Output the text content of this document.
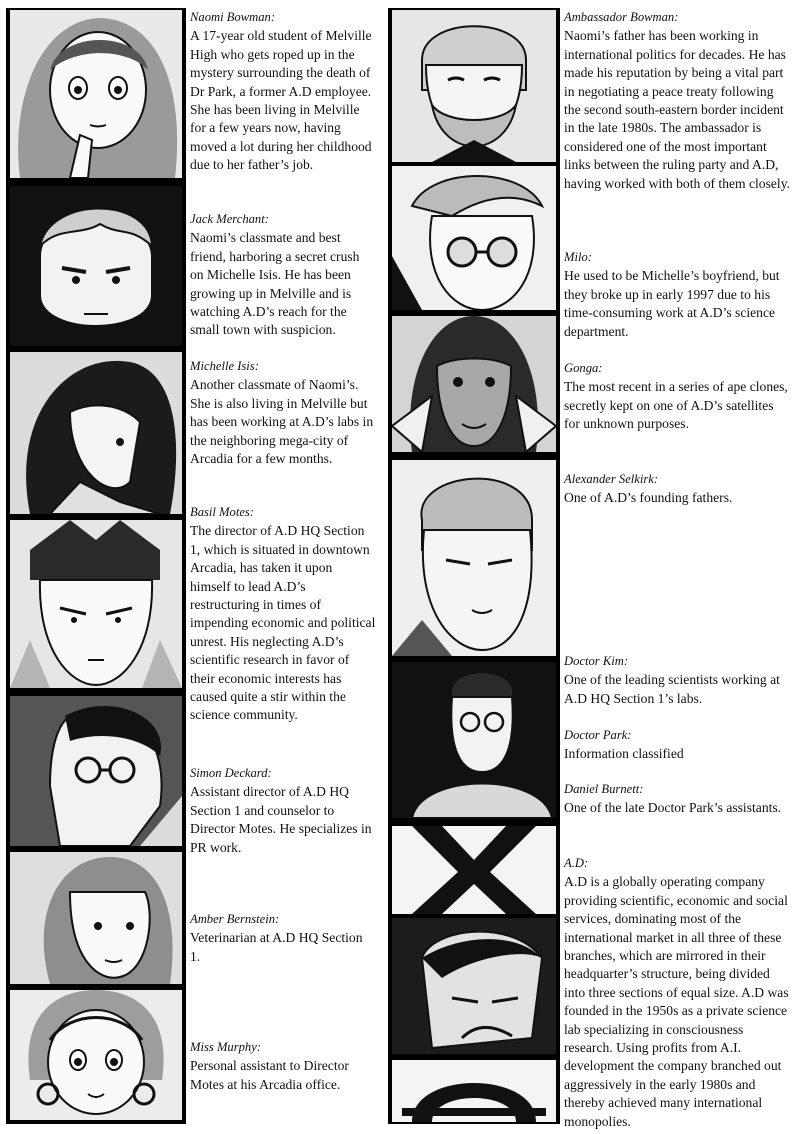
Naomi Bowman:
A 17-year old student of Melville High who gets roped up in the mystery surrounding the death of Dr Park, a former A.D employee. She has been living in Melville for a few years now, having moved a lot during her childhood due to her father’s job.
Jack Merchant:
Naomi’s classmate and best friend, harboring a secret crush on Michelle Isis. He has been growing up in Melville and is watching A.D’s reach for the small town with suspicion.
Michelle Isis:
Another classmate of Naomi’s. She is also living in Melville but has been working at A.D’s labs in the neighboring mega-city of Arcadia for a few months.
Basil Motes:
The director of A.D HQ Section 1, which is situated in downtown Arcadia, has taken it upon himself to lead A.D’s restructuring in times of impending economic and political unrest. His neglecting A.D’s scientific research in favor of their economic interests has caused quite a stir within the science community.
Simon Deckard:
Assistant director of A.D HQ Section 1 and counselor to Director Motes. He specializes in PR work.
Amber Bernstein:
Veterinarian at A.D HQ Section 1.
Miss Murphy:
Personal assistant to Director Motes at his Arcadia office.
Ambassador Bowman:
Naomi’s father has been working in international politics for decades. He has made his reputation by being a vital part in negotiating a peace treaty following the second south-eastern border incident in the late 1980s. The ambassador is considered one of the most important links between the ruling party and A.D, having worked with both of them closely.
Milo:
He used to be Michelle’s boyfriend, but they broke up in early 1997 due to his time-consuming work at A.D’s science department.
Gonga:
The most recent in a series of ape clones, secretly kept on one of A.D’s satellites for unknown purposes.
Alexander Selkirk:
One of A.D’s founding fathers.
Doctor Kim:
One of the leading scientists working at A.D HQ Section 1’s labs.
Doctor Park:
Information classified
Daniel Burnett:
One of the late Doctor Park’s assistants.
A.D:
A.D is a globally operating company providing scientific, economic and social services, dominating most of the international market in all three of these branches, which are mirrored in their headquarter’s structure, being divided into three sections of equal size. A.D was founded in the 1950s as a private science lab specializing in consciousness research. Using profits from A.I. development the company branched out aggressively in the early 1980s and thereby achieved many international monopolies.
